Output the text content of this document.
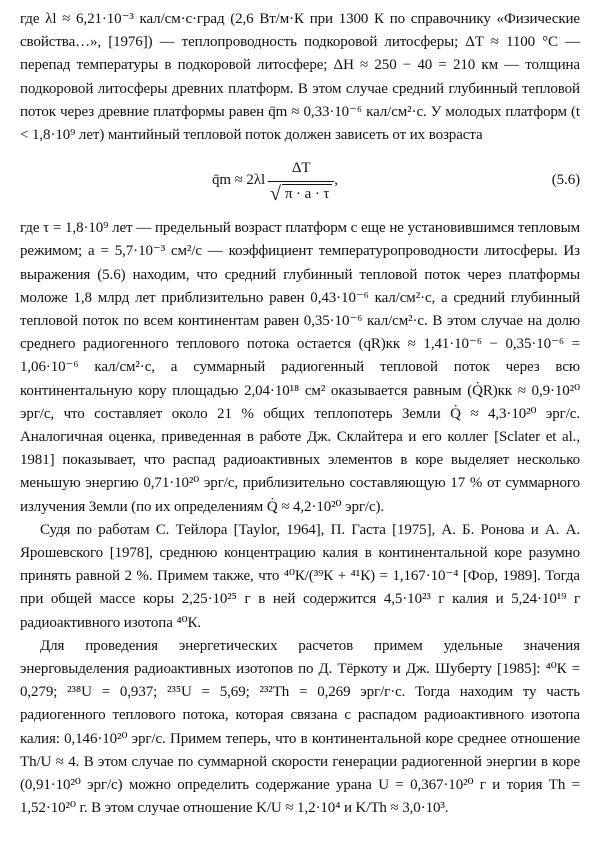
где λl ≈ 6,21·10⁻³ кал/см·с·град (2,6 Вт/м·К при 1300 К по справочнику «Физические свойства…», [1976]) — теплопроводность подкоровой литосферы; ΔT ≈ 1100 °C — перепад температуры в подкоровой литосфере; ΔH ≈ 250 − 40 = 210 км — толщина подкоровой литосферы древних платформ. В этом случае средний глубинный тепловой поток через древние платформы равен q̄m ≈ 0,33·10⁻⁶ кал/см²·с. У молодых платформ (t < 1,8·10⁹ лет) мантийный тепловой поток должен зависеть от их возраста

q̄m ≈ $2\lambda l \frac{\Delta T}{√ \pi \cdot a \cdot \tau}$ ,	(5.6)

где τ = 1,8·10⁹ лет — предельный возраст платформ с еще не установившимся тепловым режимом; a = 5,7·10⁻³ см²/с — коэффициент температуропроводности литосферы. Из выражения (5.6) находим, что средний глубинный тепловой поток через платформы моложе 1,8 млрд лет приблизительно равен 0,43·10⁻⁶ кал/см²·с, а средний глубинный тепловой поток по всем континентам равен 0,35·10⁻⁶ кал/см²·с. В этом случае на долю среднего радиогенного теплового потока остается (qR)кк ≈ 1,41·10⁻⁶ − 0,35·10⁻⁶ = 1,06·10⁻⁶ кал/см²·с, а суммарный радиогенный тепловой поток через всю континентальную кору площадью 2,04·10¹⁸ см² оказывается равным (Q̇R)кк ≈ 0,9·10²⁰ эрг/с, что составляет около 21 % общих теплопотерь Земли Q̇ ≈ 4,3·10²⁰ эрг/с. Аналогичная оценка, приведенная в работе Дж. Склайтера и его коллег [Sclater et al., 1981] показывает, что распад радиоактивных элементов в коре выделяет несколько меньшую энергию 0,71·10²⁰ эрг/с, приблизительно составляющую 17 % от суммарного излучения Земли (по их определениям Q̇ ≈ 4,2·10²⁰ эрг/с).

Судя по работам С. Тейлора [Taylor, 1964], П. Гаста [1975], А. Б. Ронова и А. А. Ярошевского [1978], среднюю концентрацию калия в континентальной коре разумно принять равной 2 %. Примем также, что ⁴⁰К/(³⁹К + ⁴¹К) = 1,167·10⁻⁴ [Фор, 1989]. Тогда при общей массе коры 2,25·10²⁵ г в ней содержится 4,5·10²³ г калия и 5,24·10¹⁹ г радиоактивного изотопа ⁴⁰К.

Для проведения энергетических расчетов примем удельные значения энерговыделения радиоактивных изотопов по Д. Тёркоту и Дж. Шуберту [1985]: ⁴⁰К = 0,279; ²³⁸U = 0,937; ²³⁵U = 5,69; ²³²Th = 0,269 эрг/г·с. Тогда находим ту часть радиогенного теплового потока, которая связана с распадом радиоактивного изотопа калия: 0,146·10²⁰ эрг/с. Примем теперь, что в континентальной коре среднее отношение Th/U ≈ 4. В этом случае по суммарной скорости генерации радиогенной энергии в коре (0,91·10²⁰ эрг/с) можно определить содержание урана U = 0,367·10²⁰ г и тория Th = 1,52·10²⁰ г. В этом случае отношение K/U ≈ 1,2·10⁴ и K/Th ≈ 3,0·10³.
